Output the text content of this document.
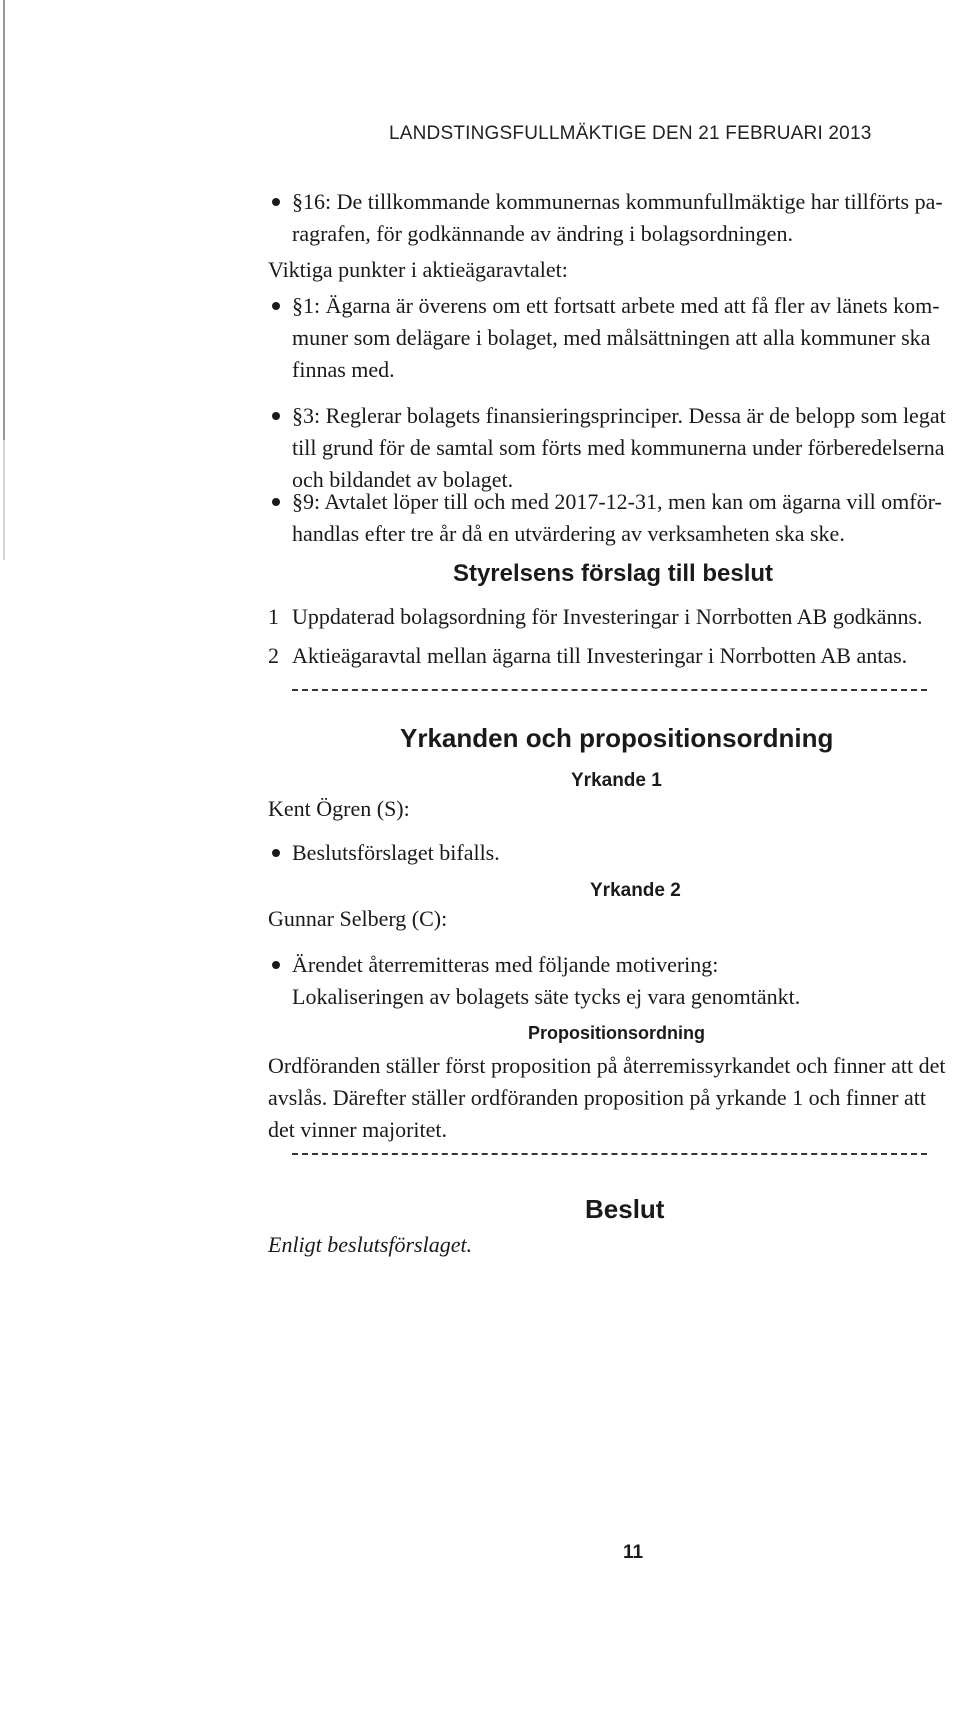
LANDSTINGSFULLMÄKTIGE DEN 21 FEBRUARI 2013
§16: De tillkommande kommunernas kommunfullmäktige har tillförts pa- ragrafen, för godkännande av ändring i bolagsordningen.
Viktiga punkter i aktieägaravtalet:
§1: Ägarna är överens om ett fortsatt arbete med att få fler av länets kom- muner som delägare i bolaget, med målsättningen att alla kommuner ska finnas med.
§3: Reglerar bolagets finansieringsprinciper. Dessa är de belopp som legat till grund för de samtal som förts med kommunerna under förberedelserna och bildandet av bolaget.
§9: Avtalet löper till och med 2017-12-31, men kan om ägarna vill omför- handlas efter tre år då en utvärdering av verksamheten ska ske.
Styrelsens förslag till beslut
1 Uppdaterad bolagsordning för Investeringar i Norrbotten AB godkänns.
2 Aktieägaravtal mellan ägarna till Investeringar i Norrbotten AB antas.
Yrkanden och propositionsordning
Yrkande 1
Kent Ögren (S):
Beslutsförslaget bifalls.
Yrkande 2
Gunnar Selberg (C):
Ärendet återremitteras med följande motivering: Lokaliseringen av bolagets säte tycks ej vara genomtänkt.
Propositionsordning
Ordföranden ställer först proposition på återremissyrkandet och finner att det avslås. Därefter ställer ordföranden proposition på yrkande 1 och finner att det vinner majoritet.
Beslut
Enligt beslutsförslaget.
11
